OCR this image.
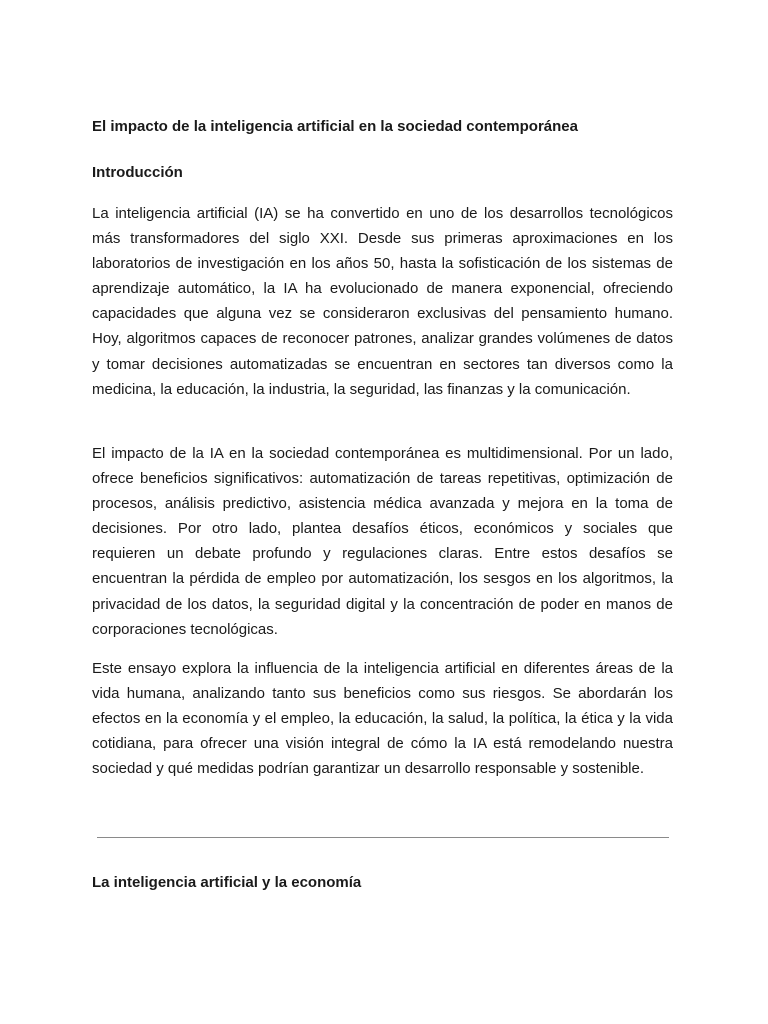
El impacto de la inteligencia artificial en la sociedad contemporánea
Introducción

La inteligencia artificial (IA) se ha convertido en uno de los desarrollos tecnológicos más transformadores del siglo XXI. Desde sus primeras aproximaciones en los laboratorios de investigación en los años 50, hasta la sofisticación de los sistemas de aprendizaje automático, la IA ha evolucionado de manera exponencial, ofreciendo capacidades que alguna vez se consideraron exclusivas del pensamiento humano. Hoy, algoritmos capaces de reconocer patrones, analizar grandes volúmenes de datos y tomar decisiones automatizadas se encuentran en sectores tan diversos como la medicina, la educación, la industria, la seguridad, las finanzas y la comunicación.

El impacto de la IA en la sociedad contemporánea es multidimensional. Por un lado, ofrece beneficios significativos: automatización de tareas repetitivas, optimización de procesos, análisis predictivo, asistencia médica avanzada y mejora en la toma de decisiones. Por otro lado, plantea desafíos éticos, económicos y sociales que requieren un debate profundo y regulaciones claras. Entre estos desafíos se encuentran la pérdida de empleo por automatización, los sesgos en los algoritmos, la privacidad de los datos, la seguridad digital y la concentración de poder en manos de corporaciones tecnológicas.

Este ensayo explora la influencia de la inteligencia artificial en diferentes áreas de la vida humana, analizando tanto sus beneficios como sus riesgos. Se abordarán los efectos en la economía y el empleo, la educación, la salud, la política, la ética y la vida cotidiana, para ofrecer una visión integral de cómo la IA está remodelando nuestra sociedad y qué medidas podrían garantizar un desarrollo responsable y sostenible.

La inteligencia artificial y la economía
